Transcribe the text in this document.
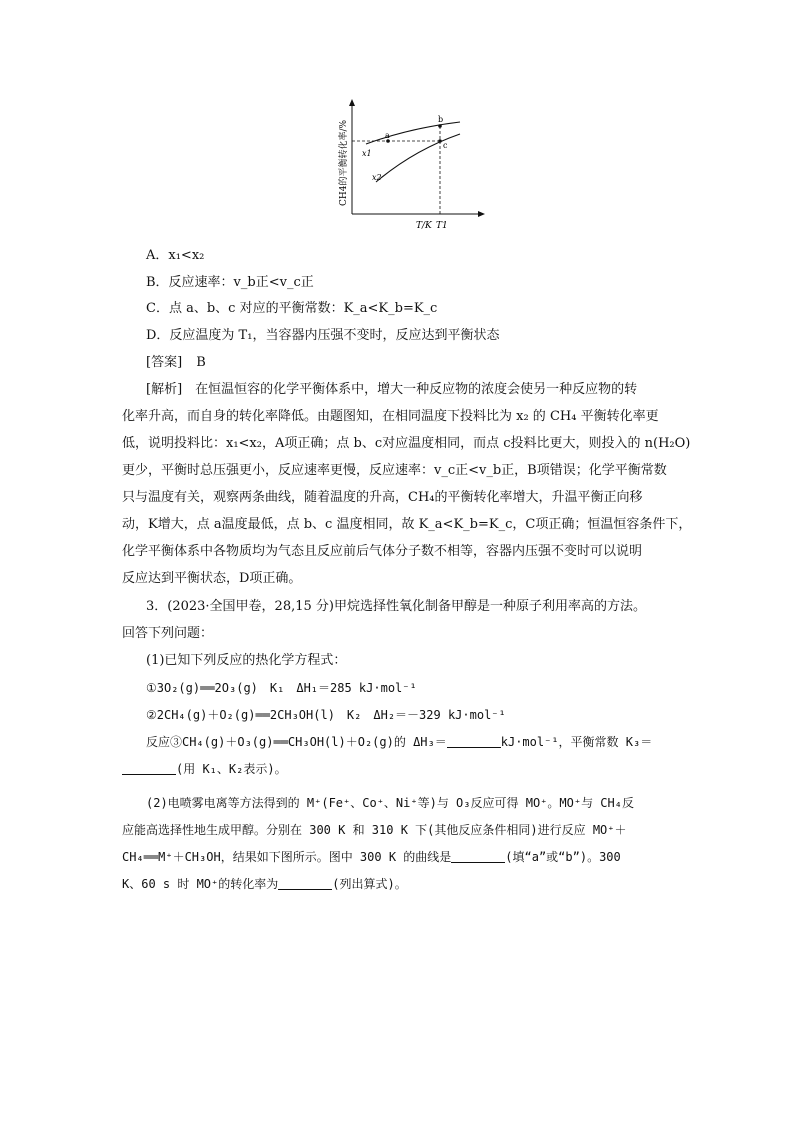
a
b
c
x1
x2
CH4的平衡转化率/%
T/K T1
A．x₁<x₂
B．反应速率：v_b正<v_c正
C．点 a、b、c 对应的平衡常数：K_a<K_b=K_c
D．反应温度为 T₁，当容器内压强不变时，反应达到平衡状态
[答案] B
[解析]　在恒温恒容的化学平衡体系中，增大一种反应物的浓度会使另一种反应物的转
化率升高，而自身的转化率降低。由题图知，在相同温度下投料比为 x₂ 的 CH₄ 平衡转化率更
低，说明投料比：x₁<x₂，A项正确；点 b、c对应温度相同，而点 c投料比更大，则投入的 n(H₂O)
更少，平衡时总压强更小，反应速率更慢，反应速率：v_c正<v_b正，B项错误；化学平衡常数
只与温度有关，观察两条曲线，随着温度的升高，CH₄的平衡转化率增大，升温平衡正向移
动，K增大，点 a温度最低，点 b、c 温度相同，故 K_a<K_b=K_c，C项正确；恒温恒容条件下，
化学平衡体系中各物质均为气态且反应前后气体分子数不相等，容器内压强不变时可以说明
反应达到平衡状态，D项正确。
3．(2023·全国甲卷，28,15 分)甲烷选择性氧化制备甲醇是一种原子利用率高的方法。
回答下列问题：
(1)已知下列反应的热化学方程式：
①3O₂(g)══2O₃(g)　K₁　ΔH₁＝285 kJ·mol⁻¹
②2CH₄(g)＋O₂(g)══2CH₃OH(l)　K₂　ΔH₂＝－329 kJ·mol⁻¹
反应③CH₄(g)＋O₃(g)══CH₃OH(l)＋O₂(g)的 ΔH₃＝	kJ·mol⁻¹，平衡常数 K₃＝
(用 K₁、K₂表示)。
(2)电喷雾电离等方法得到的 M⁺(Fe⁺、Co⁺、Ni⁺等)与 O₃反应可得 MO⁺。MO⁺与 CH₄反
应能高选择性地生成甲醇。分别在 300 K 和 310 K 下(其他反应条件相同)进行反应 MO⁺＋
CH₄══M⁺＋CH₃OH，结果如下图所示。图中 300 K 的曲线是	(填“a”或“b”)。300
K、60 s 时 MO⁺的转化率为	(列出算式)。
